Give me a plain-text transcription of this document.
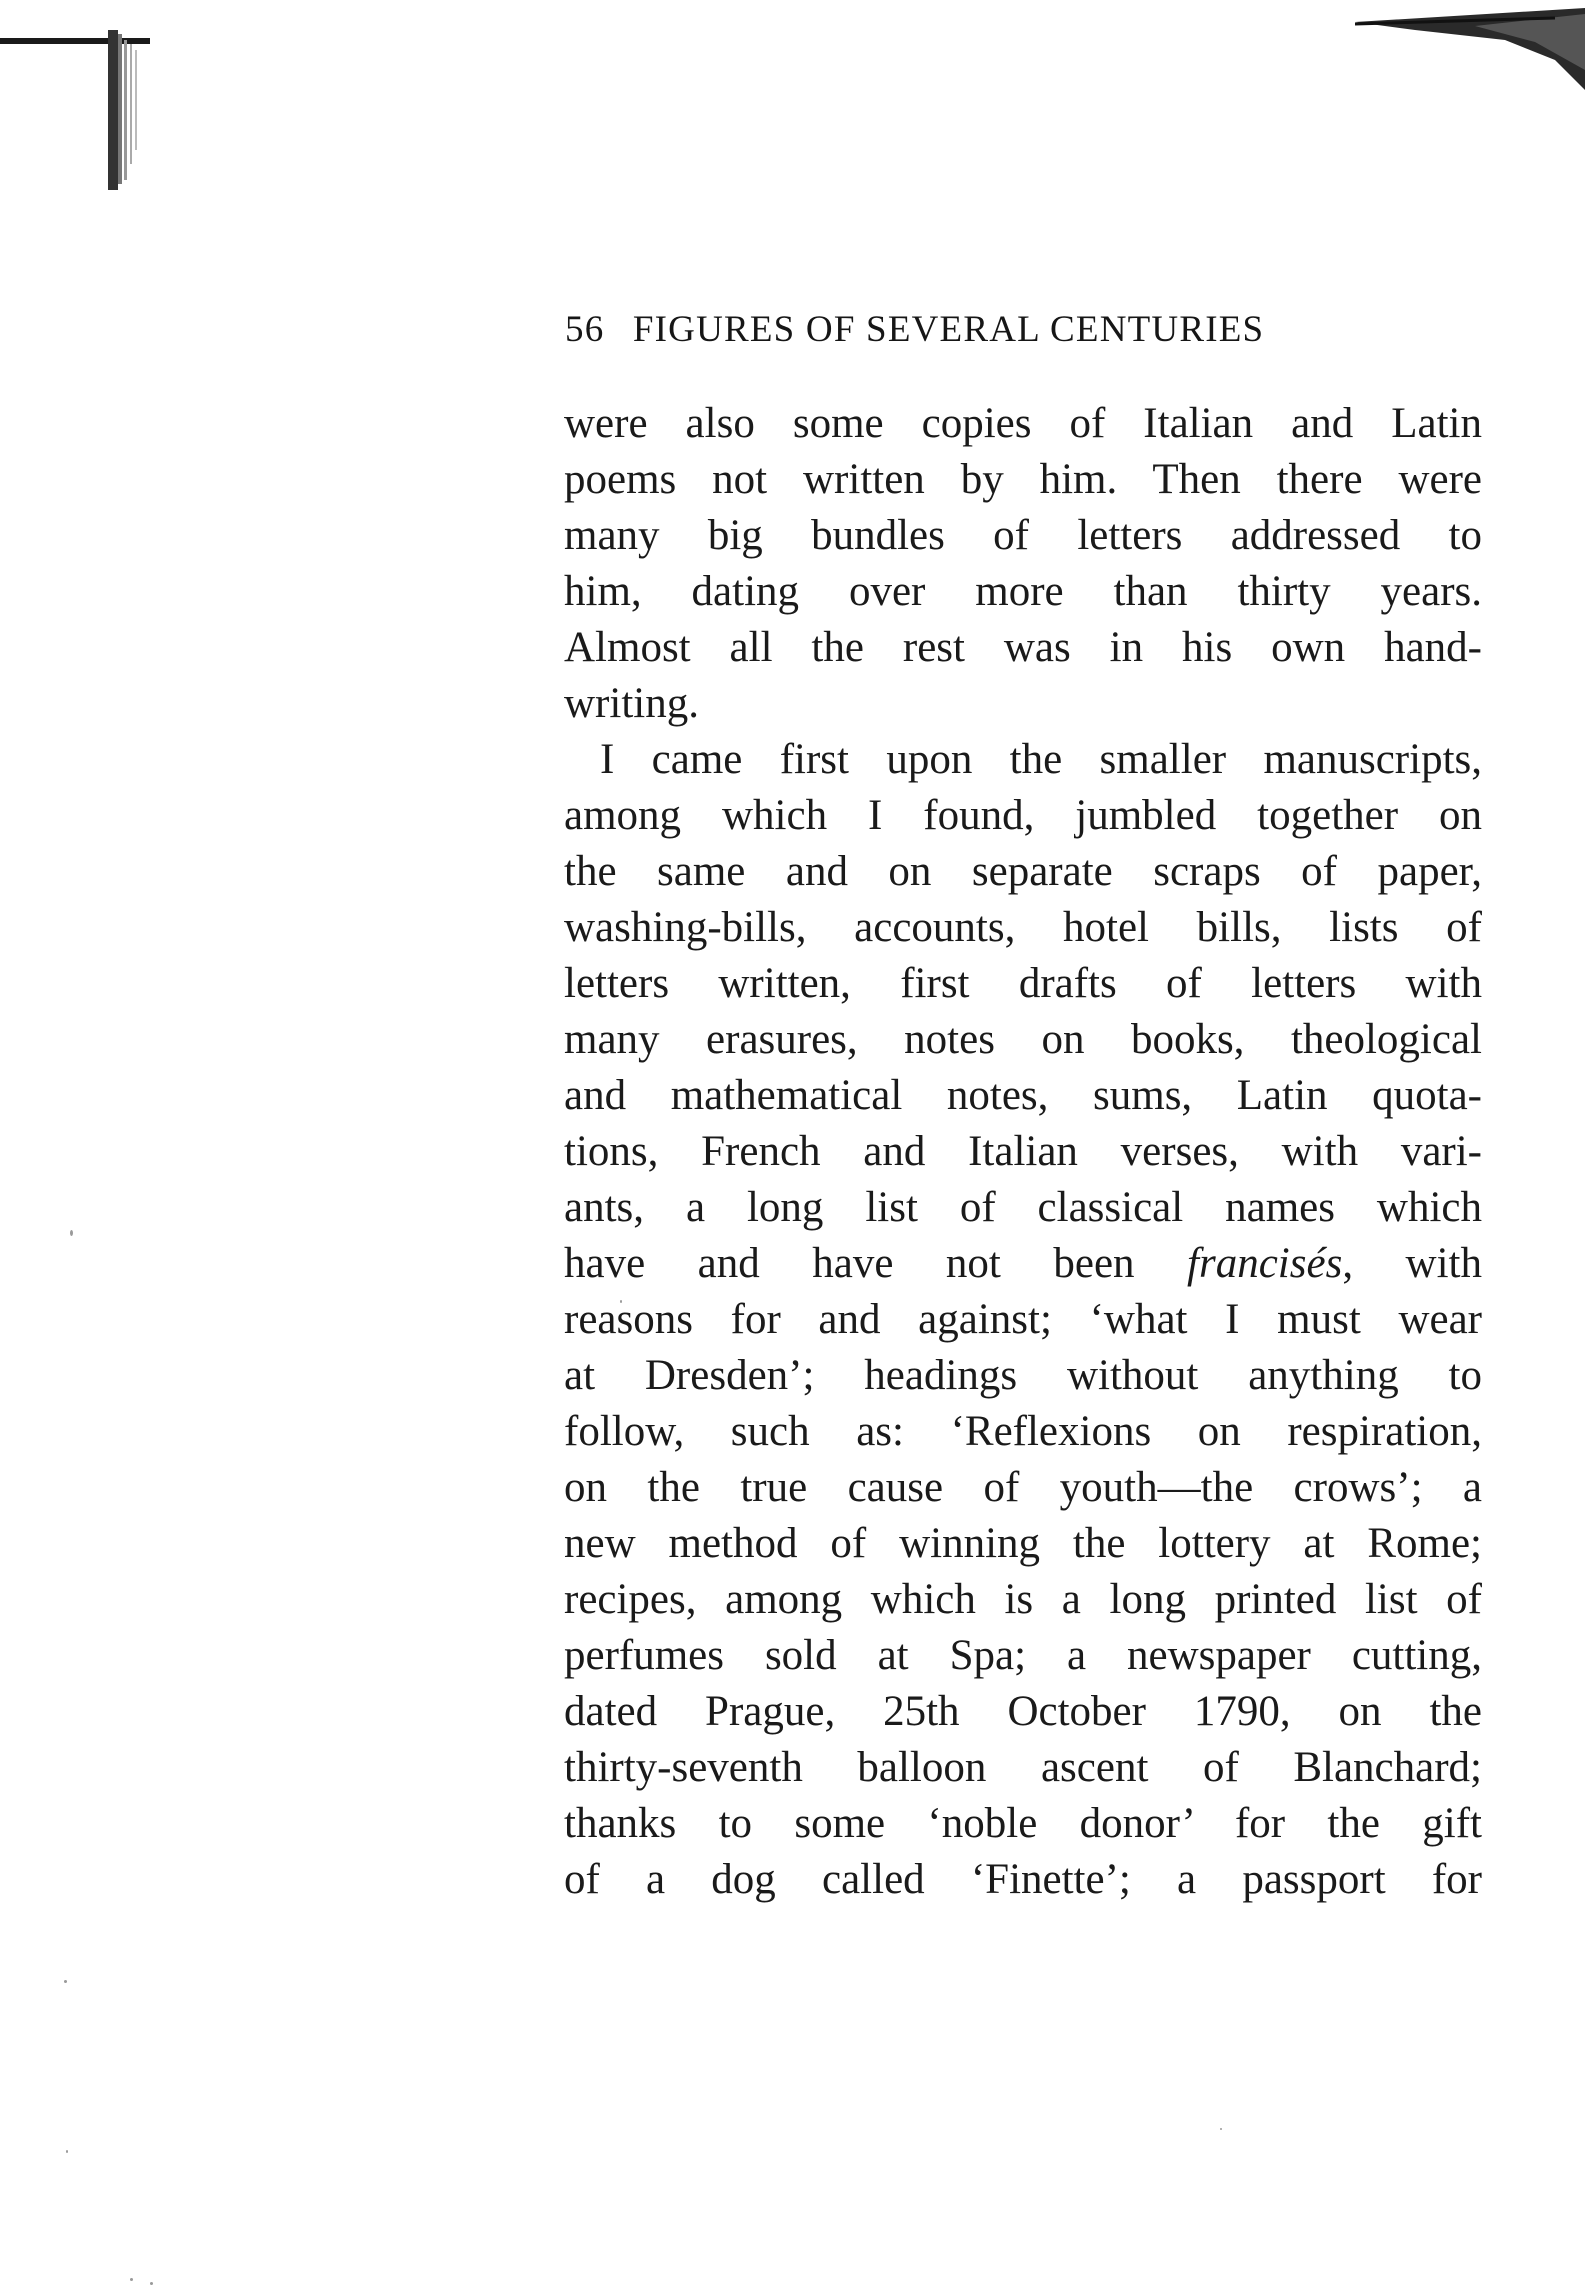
56 FIGURES OF SEVERAL CENTURIES
were also some copies of Italian and Latin
poems not written by him. Then there were
many big bundles of letters addressed to
him, dating over more than thirty years.
Almost all the rest was in his own hand-
writing.
I came first upon the smaller manuscripts,
among which I found, jumbled together on
the same and on separate scraps of paper,
washing-bills, accounts, hotel bills, lists of
letters written, first drafts of letters with
many erasures, notes on books, theological
and mathematical notes, sums, Latin quota-
tions, French and Italian verses, with vari-
ants, a long list of classical names which
have and have not been francisés, with
reasons for and against; ‘what I must wear
at Dresden’; headings without anything to
follow, such as: ‘Reflexions on respiration,
on the true cause of youth—the crows’; a
new method of winning the lottery at Rome;
recipes, among which is a long printed list of
perfumes sold at Spa; a newspaper cutting,
dated Prague, 25th October 1790, on the
thirty-seventh balloon ascent of Blanchard;
thanks to some ‘noble donor’ for the gift
of a dog called ‘Finette’; a passport for
